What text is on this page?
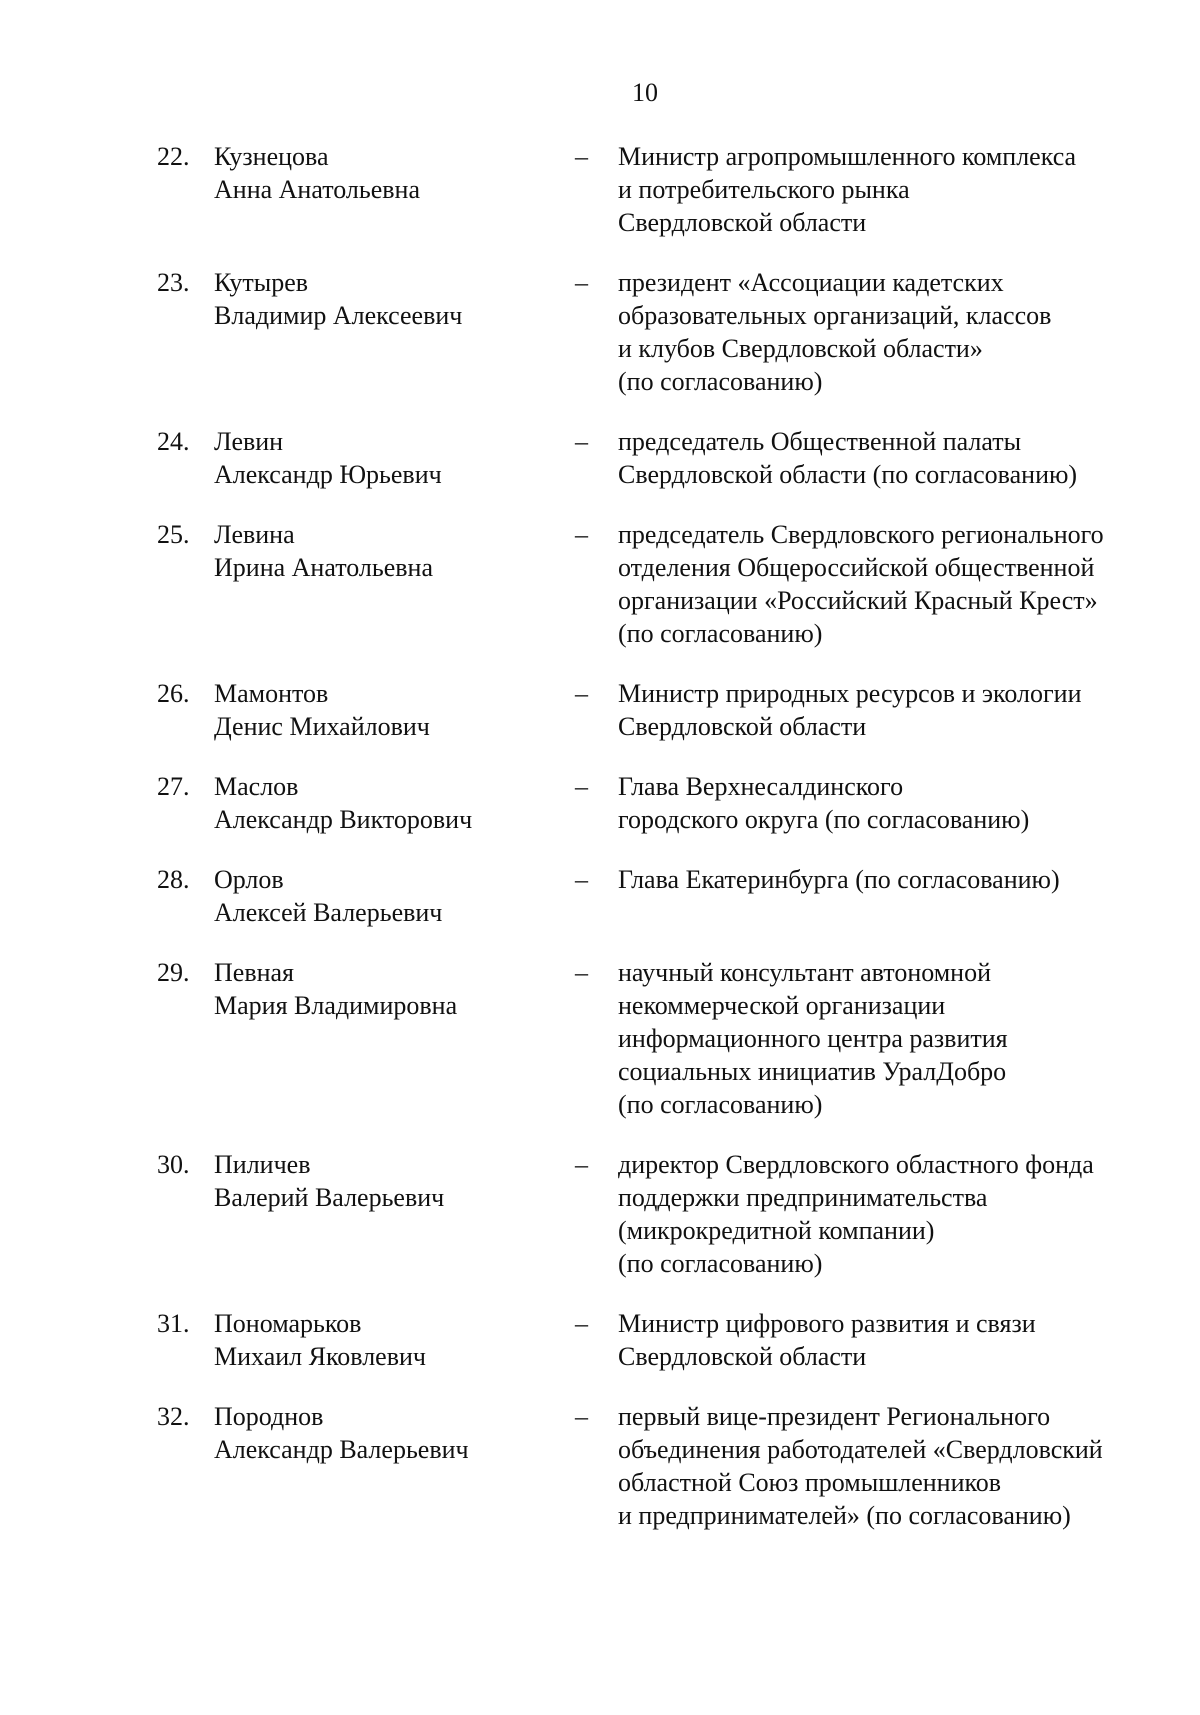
10
22. Кузнецова
Анна Анатольевна
– Министр агропромышленного комплекса
и потребительского рынка
Свердловской области
23. Кутырев
Владимир Алексеевич
– президент «Ассоциации кадетских
образовательных организаций, классов
и клубов Свердловской области»
(по согласованию)
24. Левин
Александр Юрьевич
– председатель Общественной палаты
Свердловской области (по согласованию)
25. Левина
Ирина Анатольевна
– председатель Свердловского регионального
отделения Общероссийской общественной
организации «Российский Красный Крест»
(по согласованию)
26. Мамонтов
Денис Михайлович
– Министр природных ресурсов и экологии
Свердловской области
27. Маслов
Александр Викторович
– Глава Верхнесалдинского
городского округа (по согласованию)
28. Орлов
Алексей Валерьевич
– Глава Екатеринбурга (по согласованию)
29. Певная
Мария Владимировна
– научный консультант автономной
некоммерческой организации
информационного центра развития
социальных инициатив УралДобро
(по согласованию)
30. Пиличев
Валерий Валерьевич
– директор Свердловского областного фонда
поддержки предпринимательства
(микрокредитной компании)
(по согласованию)
31. Пономарьков
Михаил Яковлевич
– Министр цифрового развития и связи
Свердловской области
32. Породнов
Александр Валерьевич
– первый вице-президент Регионального
объединения работодателей «Свердловский
областной Союз промышленников
и предпринимателей» (по согласованию)
